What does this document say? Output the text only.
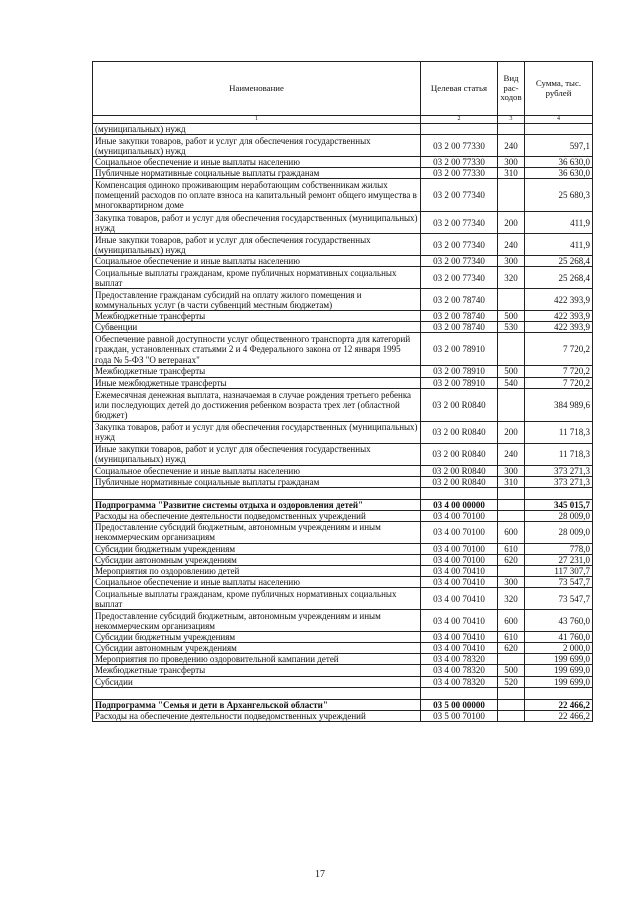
Наименование	Целевая статья	Вид рас-ходов	Сумма, тыс. рублей
1	2	3	4
(муниципальных) нужд			
Иные закупки товаров, работ и услуг для обеспечения государственных (муниципальных) нужд	03 2 00 77330	240	597,1
Социальное обеспечение и иные выплаты населению	03 2 00 77330	300	36 630,0
Публичные нормативные социальные выплаты гражданам	03 2 00 77330	310	36 630,0
Компенсация одиноко проживающим неработающим собственникам жилых помещений расходов по оплате взноса на капитальный ремонт общего имущества в многоквартирном доме	03 2 00 77340		25 680,3
Закупка товаров, работ и услуг для обеспечения государственных (муниципальных) нужд	03 2 00 77340	200	411,9
Иные закупки товаров, работ и услуг для обеспечения государственных (муниципальных) нужд	03 2 00 77340	240	411,9
Социальное обеспечение и иные выплаты населению	03 2 00 77340	300	25 268,4
Социальные выплаты гражданам, кроме публичных нормативных социальных выплат	03 2 00 77340	320	25 268,4
Предоставление гражданам субсидий на оплату жилого помещения и коммунальных услуг (в части субвенций местным бюджетам)	03 2 00 78740		422 393,9
Межбюджетные трансферты	03 2 00 78740	500	422 393,9
Субвенции	03 2 00 78740	530	422 393,9
Обеспечение равной доступности услуг общественного транспорта для категорий граждан, установленных статьями 2 и 4 Федерального закона от 12 января 1995 года № 5-ФЗ "О ветеранах"	03 2 00 78910		7 720,2
Межбюджетные трансферты	03 2 00 78910	500	7 720,2
Иные межбюджетные трансферты	03 2 00 78910	540	7 720,2
Ежемесячная денежная выплата, назначаемая в случае рождения третьего ребенка или последующих детей до достижения ребенком возраста трех лет (областной бюджет)	03 2 00 R0840		384 989,6
Закупка товаров, работ и услуг для обеспечения государственных (муниципальных) нужд	03 2 00 R0840	200	11 718,3
Иные закупки товаров, работ и услуг для обеспечения государственных (муниципальных) нужд	03 2 00 R0840	240	11 718,3
Социальное обеспечение и иные выплаты населению	03 2 00 R0840	300	373 271,3
Публичные нормативные социальные выплаты гражданам	03 2 00 R0840	310	373 271,3

Подпрограмма "Развитие системы отдыха и оздоровления детей"	03 4 00 00000		345 015,7
Расходы на обеспечение деятельности подведомственных учреждений	03 4 00 70100		28 009,0
Предоставление субсидий бюджетным, автономным учреждениям и иным некоммерческим организациям	03 4 00 70100	600	28 009,0
Субсидии бюджетным учреждениям	03 4 00 70100	610	778,0
Субсидии автономным учреждениям	03 4 00 70100	620	27 231,0
Мероприятия по оздоровлению детей	03 4 00 70410		117 307,7
Социальное обеспечение и иные выплаты населению	03 4 00 70410	300	73 547,7
Социальные выплаты гражданам, кроме публичных нормативных социальных выплат	03 4 00 70410	320	73 547,7
Предоставление субсидий бюджетным, автономным учреждениям и иным некоммерческим организациям	03 4 00 70410	600	43 760,0
Субсидии бюджетным учреждениям	03 4 00 70410	610	41 760,0
Субсидии автономным учреждениям	03 4 00 70410	620	2 000,0
Мероприятия по проведению оздоровительной кампании детей	03 4 00 78320		199 699,0
Межбюджетные трансферты	03 4 00 78320	500	199 699,0
Субсидии	03 4 00 78320	520	199 699,0

Подпрограмма "Семья и дети в Архангельской области"	03 5 00 00000		22 466,2
Расходы на обеспечение деятельности подведомственных учреждений	03 5 00 70100		22 466,2
17
